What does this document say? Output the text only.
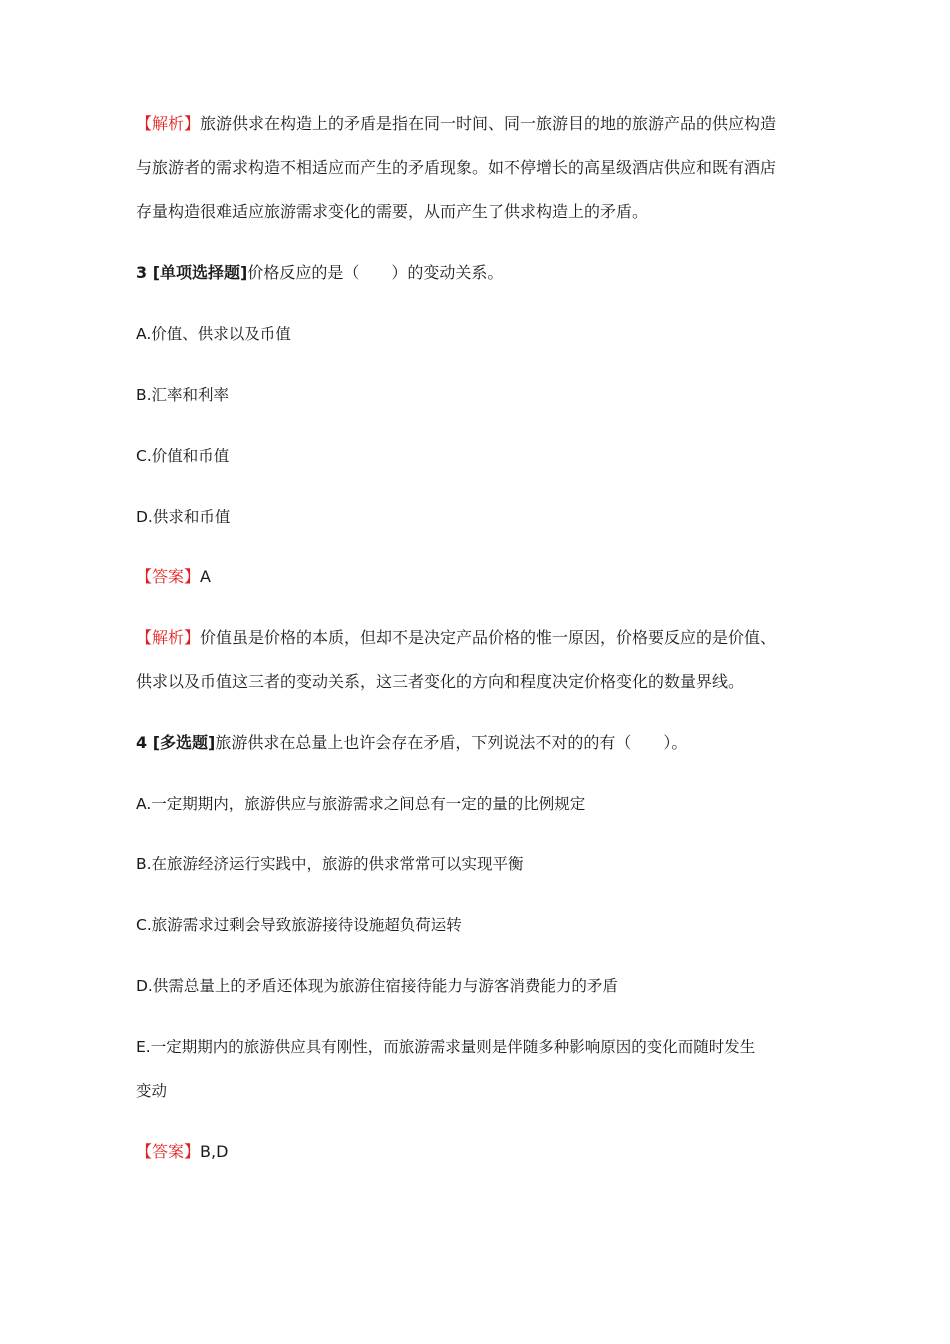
【解析】旅游供求在构造上的矛盾是指在同一时间、同一旅游目的地的旅游产品的供应构造
与旅游者的需求构造不相适应而产生的矛盾现象。如不停增长的高星级酒店供应和既有酒店
存量构造很难适应旅游需求变化的需要，从而产生了供求构造上的矛盾。
3 [单项选择题]价格反应的是（　　）的变动关系。
A.价值、供求以及币值
B.汇率和利率
C.价值和币值
D.供求和币值
【答案】A
【解析】价值虽是价格的本质，但却不是决定产品价格的惟一原因，价格要反应的是价值、
供求以及币值这三者的变动关系，这三者变化的方向和程度决定价格变化的数量界线。
4 [多选题]旅游供求在总量上也许会存在矛盾，下列说法不对的的有（　　）。
A.一定期期内，旅游供应与旅游需求之间总有一定的量的比例规定
B.在旅游经济运行实践中，旅游的供求常常可以实现平衡
C.旅游需求过剩会导致旅游接待设施超负荷运转
D.供需总量上的矛盾还体现为旅游住宿接待能力与游客消费能力的矛盾
E.一定期期内的旅游供应具有刚性，而旅游需求量则是伴随多种影响原因的变化而随时发生
变动
【答案】B,D
